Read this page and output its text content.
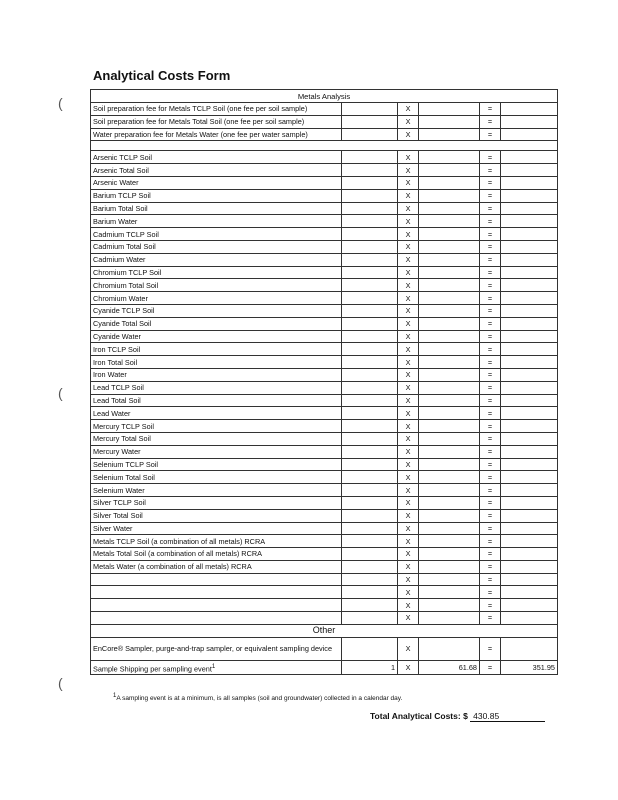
(
(
(
Analytical Costs Form
Metals Analysis					
Soil preparation fee for Metals TCLP Soil (one fee per soil sample)		X		=	
Soil preparation fee for Metals Total Soil (one fee per soil sample)		X		=	
Water preparation fee for Metals Water (one fee per water sample)		X		=	

Arsenic TCLP Soil		X		=	
Arsenic Total Soil		X		=	
Arsenic Water		X		=	
Barium TCLP Soil		X		=	
Barium Total Soil		X		=	
Barium Water		X		=	
Cadmium TCLP Soil		X		=	
Cadmium Total Soil		X		=	
Cadmium Water		X		=	
Chromium TCLP Soil		X		=	
Chromium Total Soil		X		=	
Chromium Water		X		=	
Cyanide TCLP Soil		X		=	
Cyanide Total Soil		X		=	
Cyanide Water		X		=	
Iron TCLP Soil		X		=	
Iron Total Soil		X		=	
Iron Water		X		=	
Lead TCLP Soil		X		=	
Lead Total Soil		X		=	
Lead Water		X		=	
Mercury TCLP Soil		X		=	
Mercury Total Soil		X		=	
Mercury Water		X		=	
Selenium TCLP Soil		X		=	
Selenium Total Soil		X		=	
Selenium Water		X		=	
Silver TCLP Soil		X		=	
Silver Total Soil		X		=	
Silver Water		X		=	
Metals TCLP Soil (a combination of all metals) RCRA		X		=	
Metals Total Soil (a combination of all metals) RCRA		X		=	
Metals Water (a combination of all metals) RCRA		X		=	
		X		=	
		X		=	
		X		=	
		X		=	
Other					
EnCore® Sampler, purge-and-trap sampler, or equivalent sampling device		X		=	
Sample Shipping per sampling event$^1$	1	X	61.68	=	351.95
$^1$A sampling event is at a minimum, is all samples (soil and groundwater) collected in a calendar day.
Total Analytical Costs: $ 430.85
